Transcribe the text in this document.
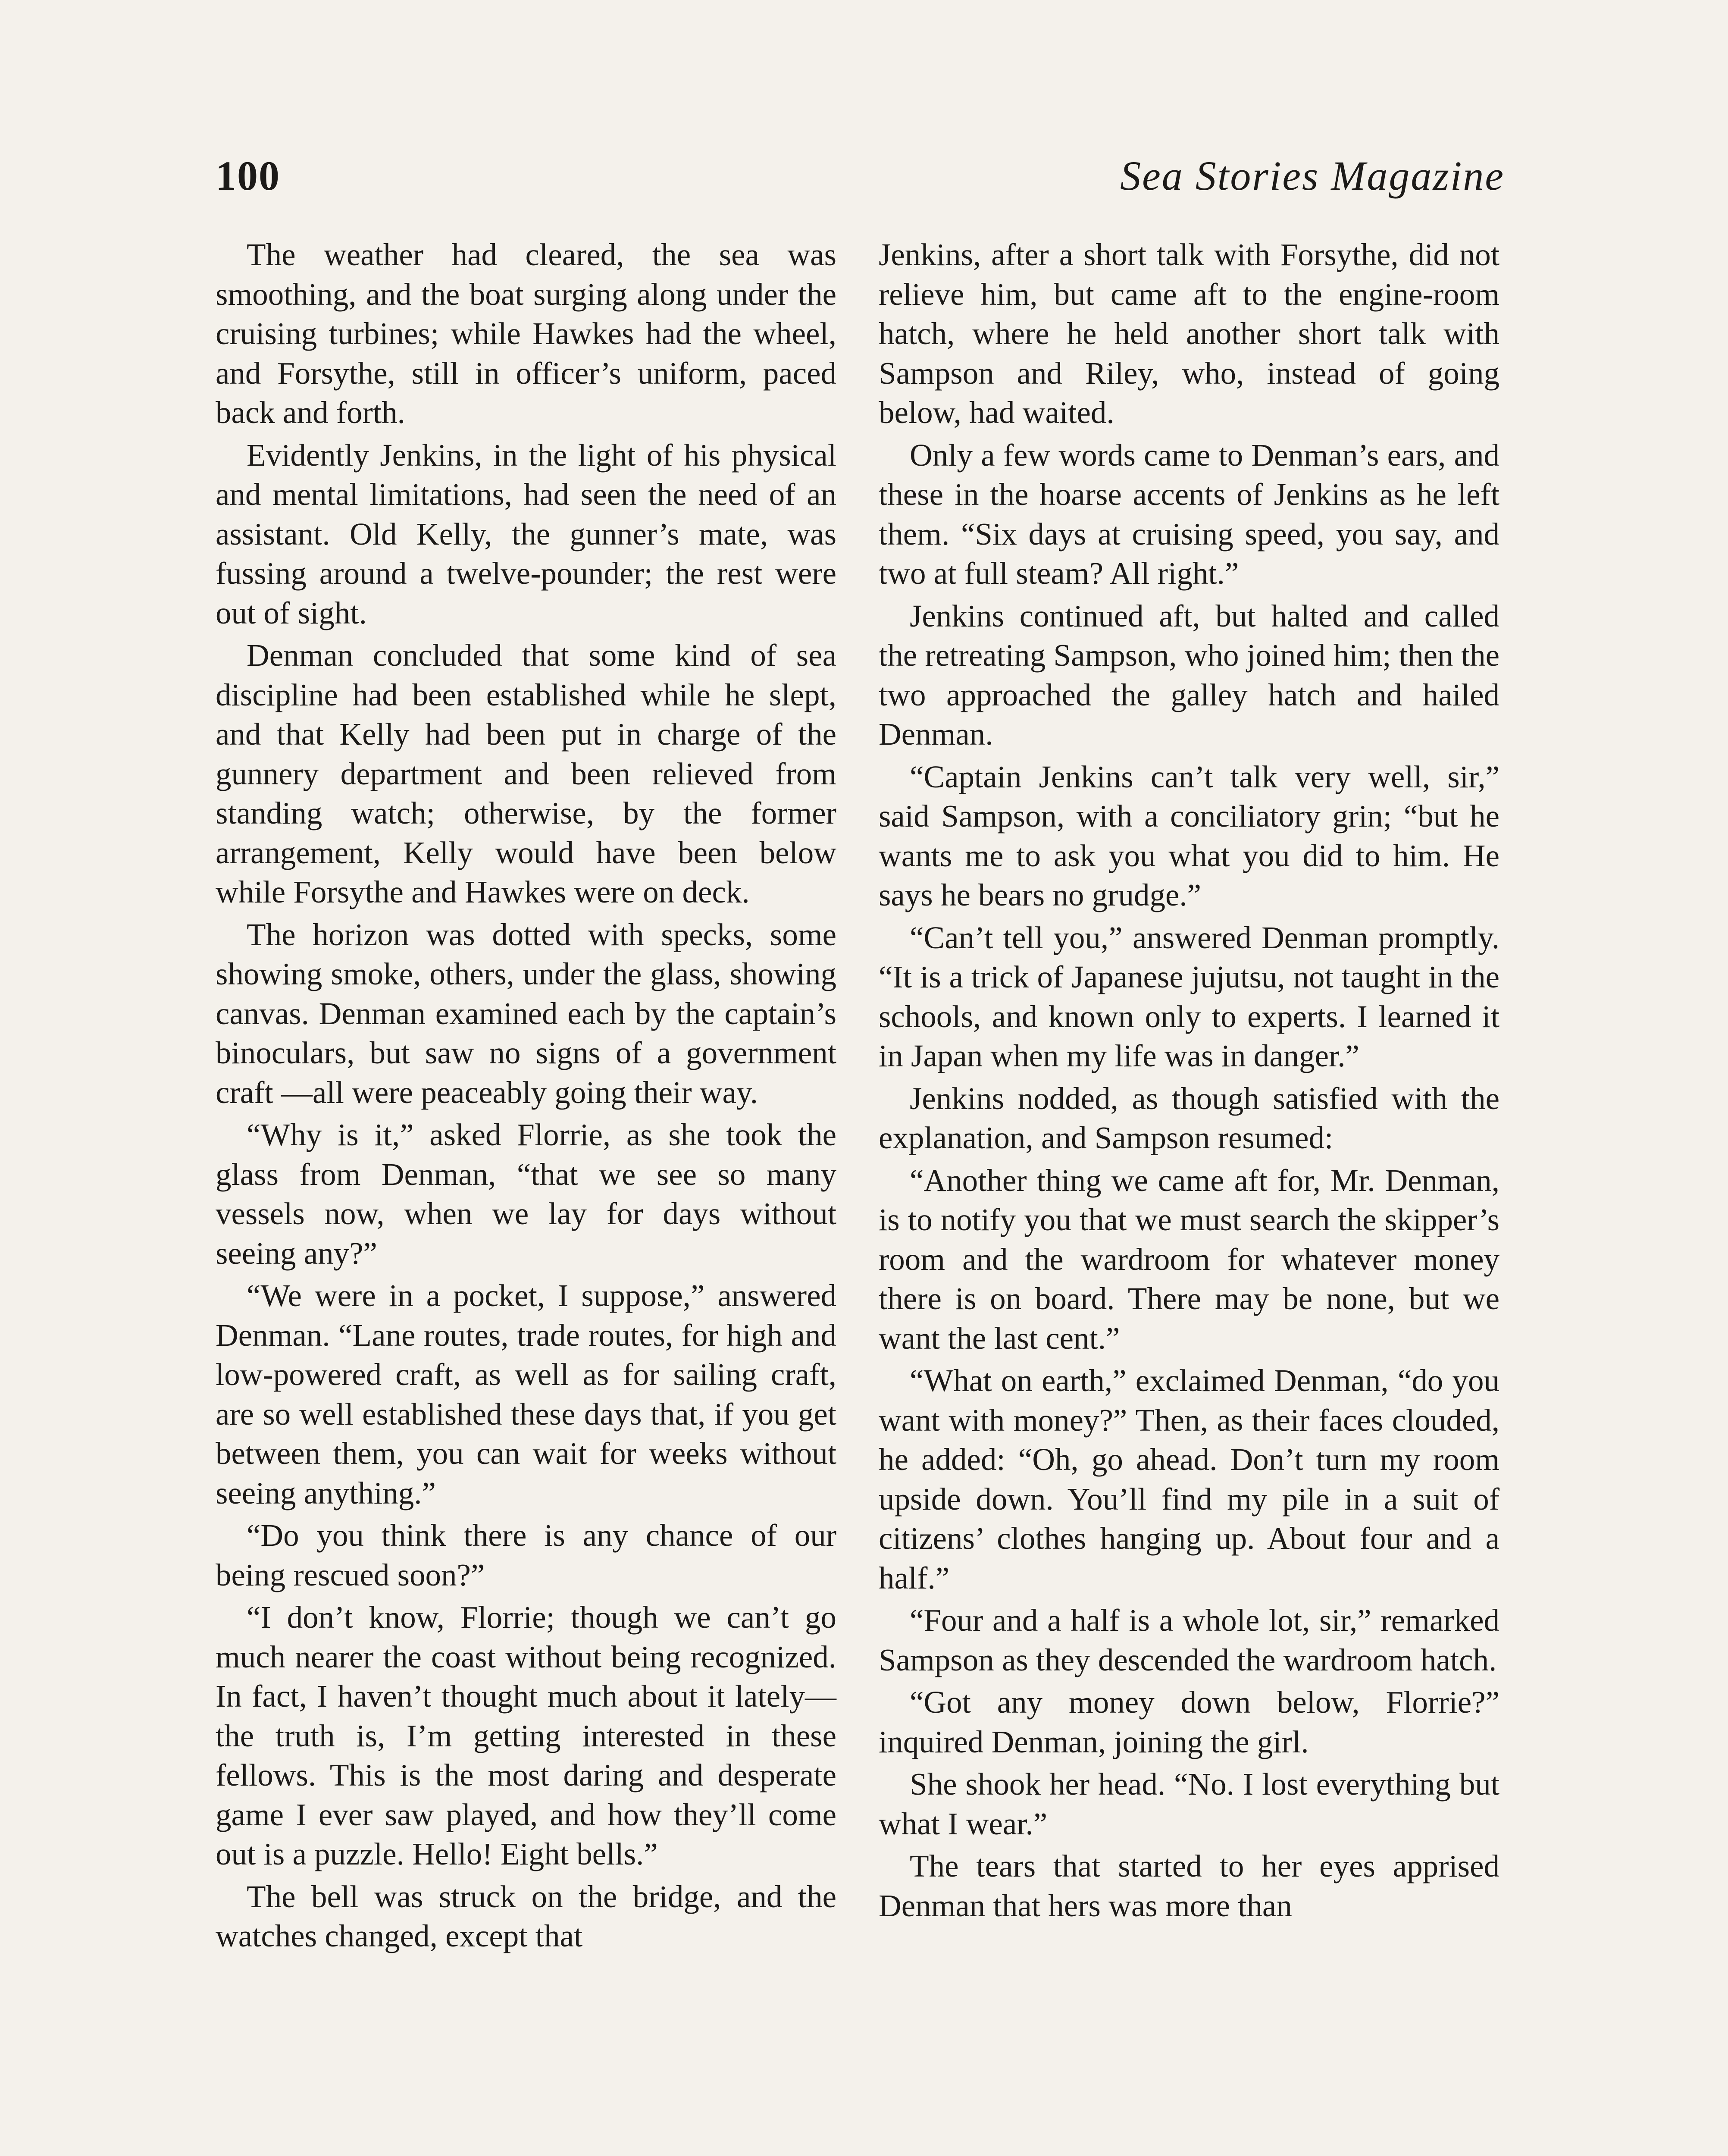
100	Sea Stories Magazine

The weather had cleared, the sea was smoothing, and the boat surging along under the cruising turbines; while Hawkes had the wheel, and Forsythe, still in officer’s uniform, paced back and forth.

Evidently Jenkins, in the light of his physical and mental limitations, had seen the need of an assistant. Old Kelly, the gunner’s mate, was fussing around a twelve-pounder; the rest were out of sight.

Denman concluded that some kind of sea discipline had been established while he slept, and that Kelly had been put in charge of the gunnery department and been relieved from standing watch; otherwise, by the former arrangement, Kelly would have been below while Forsythe and Hawkes were on deck.

The horizon was dotted with specks, some showing smoke, others, under the glass, showing canvas. Denman examined each by the captain’s binoculars, but saw no signs of a government craft —all were peaceably going their way.

“Why is it,” asked Florrie, as she took the glass from Denman, “that we see so many vessels now, when we lay for days without seeing any?”

“We were in a pocket, I suppose,” answered Denman. “Lane routes, trade routes, for high and low-powered craft, as well as for sailing craft, are so well established these days that, if you get between them, you can wait for weeks without seeing anything.”

“Do you think there is any chance of our being rescued soon?”

“I don’t know, Florrie; though we can’t go much nearer the coast without being recognized. In fact, I haven’t thought much about it lately—the truth is, I’m getting interested in these fellows. This is the most daring and desperate game I ever saw played, and how they’ll come out is a puzzle. Hello! Eight bells.”

The bell was struck on the bridge, and the watches changed, except that

Jenkins, after a short talk with Forsythe, did not relieve him, but came aft to the engine-room hatch, where he held another short talk with Sampson and Riley, who, instead of going below, had waited.

Only a few words came to Denman’s ears, and these in the hoarse accents of Jenkins as he left them. “Six days at cruising speed, you say, and two at full steam? All right.”

Jenkins continued aft, but halted and called the retreating Sampson, who joined him; then the two approached the galley hatch and hailed Denman.

“Captain Jenkins can’t talk very well, sir,” said Sampson, with a conciliatory grin; “but he wants me to ask you what you did to him. He says he bears no grudge.”

“Can’t tell you,” answered Denman promptly. “It is a trick of Japanese jujutsu, not taught in the schools, and known only to experts. I learned it in Japan when my life was in danger.”

Jenkins nodded, as though satisfied with the explanation, and Sampson resumed:

“Another thing we came aft for, Mr. Denman, is to notify you that we must search the skipper’s room and the wardroom for whatever money there is on board. There may be none, but we want the last cent.”

“What on earth,” exclaimed Denman, “do you want with money?” Then, as their faces clouded, he added: “Oh, go ahead. Don’t turn my room upside down. You’ll find my pile in a suit of citizens’ clothes hanging up. About four and a half.”

“Four and a half is a whole lot, sir,” remarked Sampson as they descended the wardroom hatch.

“Got any money down below, Florrie?” inquired Denman, joining the girl.

She shook her head. “No. I lost everything but what I wear.”

The tears that started to her eyes apprised Denman that hers was more than
